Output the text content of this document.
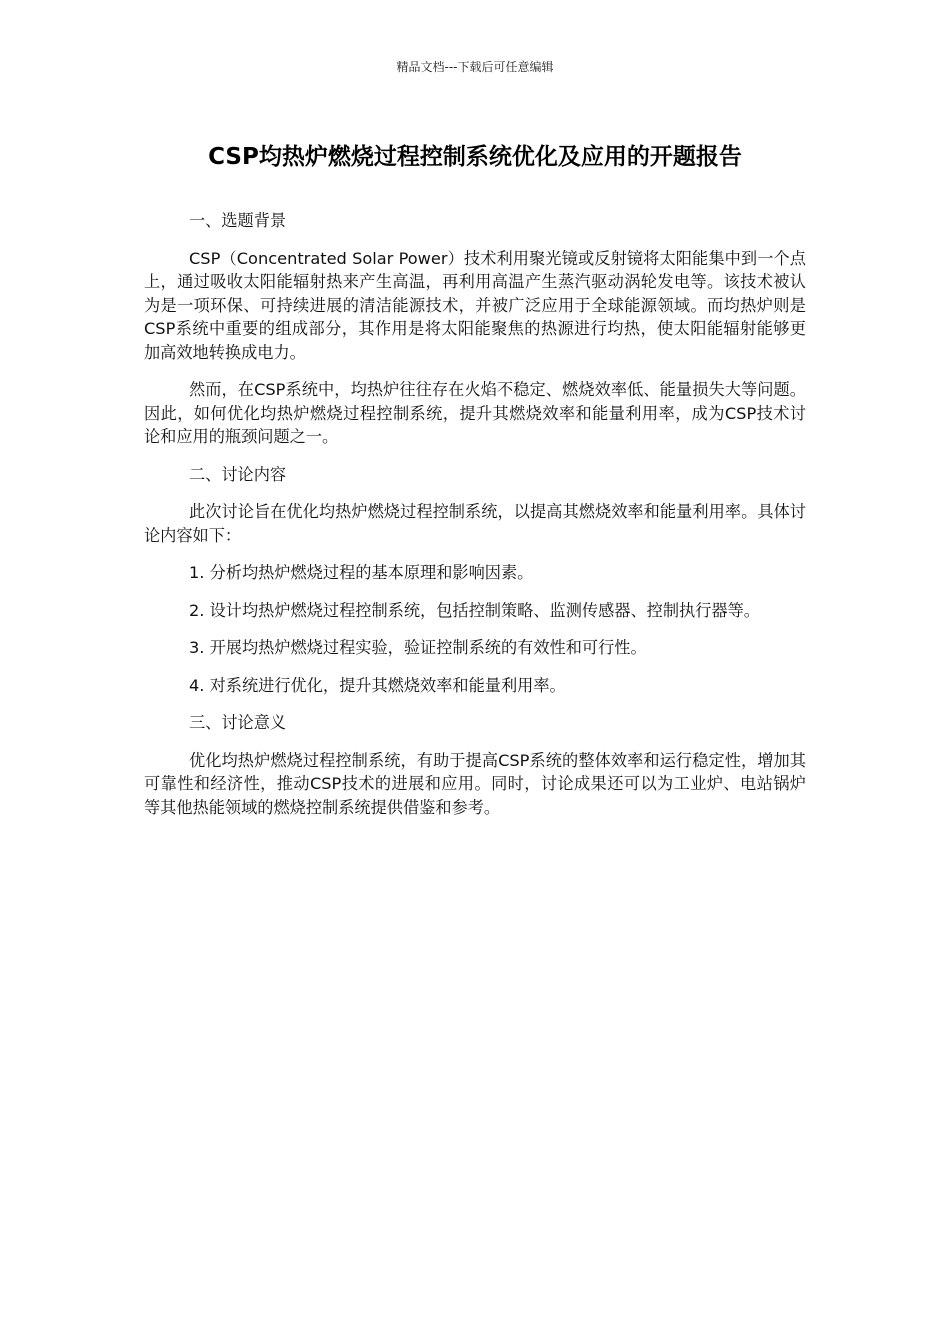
精品文档---下载后可任意编辑
CSP均热炉燃烧过程控制系统优化及应用的开题报告
一、选题背景

CSP（Concentrated Solar Power）技术利用聚光镜或反射镜将太阳能集中到一个点上，通过吸收太阳能辐射热来产生高温，再利用高温产生蒸汽驱动涡轮发电等。该技术被认为是一项环保、可持续进展的清洁能源技术，并被广泛应用于全球能源领域。而均热炉则是CSP系统中重要的组成部分，其作用是将太阳能聚焦的热源进行均热，使太阳能辐射能够更加高效地转换成电力。

然而，在CSP系统中，均热炉往往存在火焰不稳定、燃烧效率低、能量损失大等问题。因此，如何优化均热炉燃烧过程控制系统，提升其燃烧效率和能量利用率，成为CSP技术讨论和应用的瓶颈问题之一。

二、讨论内容

此次讨论旨在优化均热炉燃烧过程控制系统，以提高其燃烧效率和能量利用率。具体讨论内容如下：

1. 分析均热炉燃烧过程的基本原理和影响因素。
2. 设计均热炉燃烧过程控制系统，包括控制策略、监测传感器、控制执行器等。
3. 开展均热炉燃烧过程实验，验证控制系统的有效性和可行性。
4. 对系统进行优化，提升其燃烧效率和能量利用率。
三、讨论意义

优化均热炉燃烧过程控制系统，有助于提高CSP系统的整体效率和运行稳定性，增加其可靠性和经济性，推动CSP技术的进展和应用。同时，讨论成果还可以为工业炉、电站锅炉等其他热能领域的燃烧控制系统提供借鉴和参考。
